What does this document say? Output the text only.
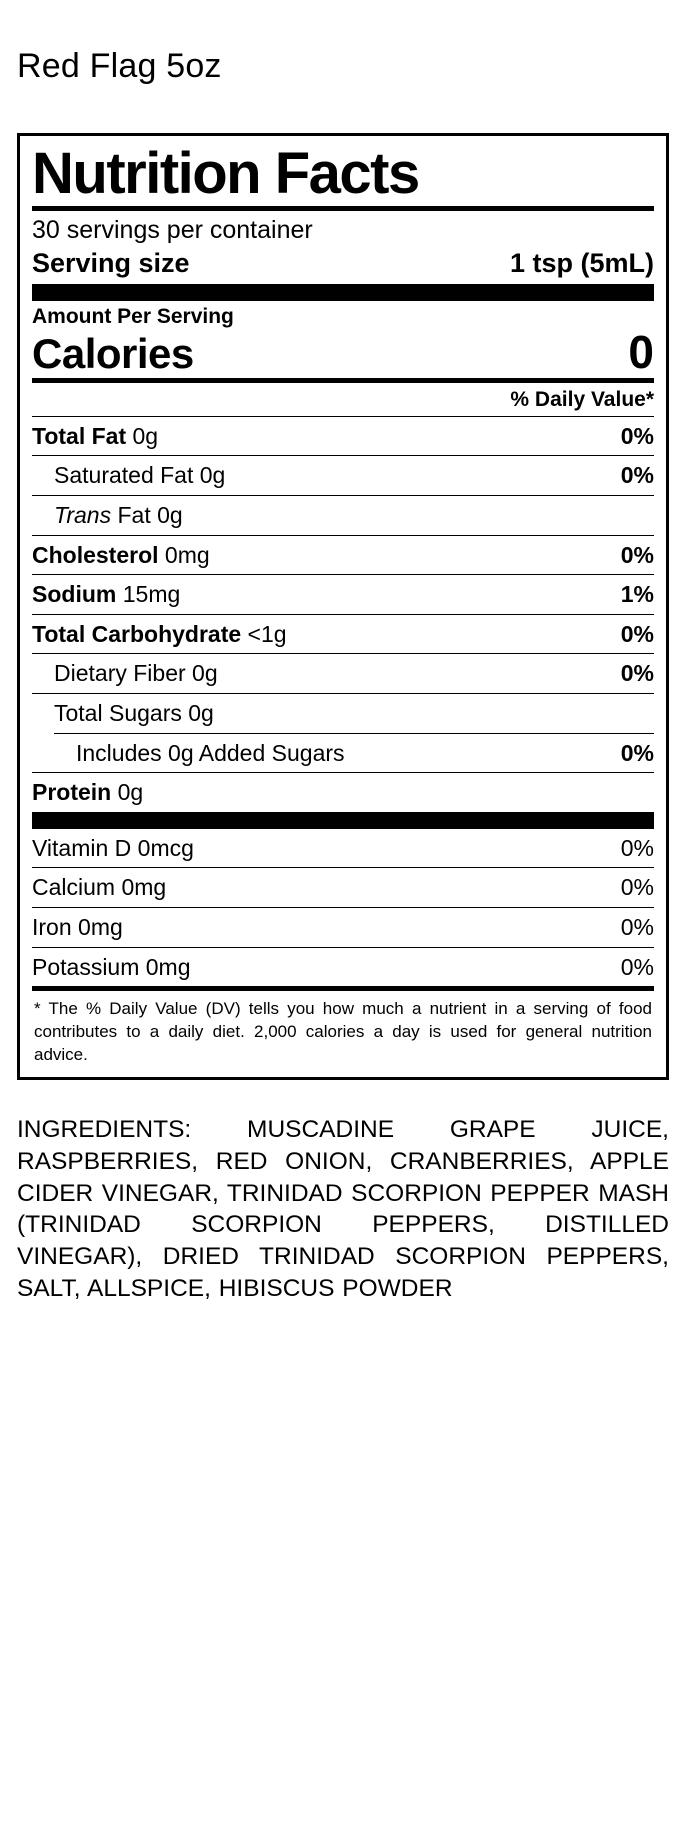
Red Flag 5oz
Nutrition Facts
30 servings per container
Serving size	1 tsp (5mL)
Amount Per Serving
Calories	0
% Daily Value*
Total Fat 0g	0%
Saturated Fat 0g	0%
Trans Fat 0g
Cholesterol 0mg	0%
Sodium 15mg	1%
Total Carbohydrate <1g	0%
Dietary Fiber 0g	0%
Total Sugars 0g
Includes 0g Added Sugars	0%
Protein 0g
Vitamin D 0mcg	0%
Calcium 0mg	0%
Iron 0mg	0%
Potassium 0mg	0%
* The % Daily Value (DV) tells you how much a nutrient in a serving of food contributes to a daily diet. 2,000 calories a day is used for general nutrition advice.
INGREDIENTS: MUSCADINE GRAPE JUICE, RASPBERRIES, RED ONION, CRANBERRIES, APPLE CIDER VINEGAR, TRINIDAD SCORPION PEPPER MASH (TRINIDAD SCORPION PEPPERS, DISTILLED VINEGAR), DRIED TRINIDAD SCORPION PEPPERS, SALT, ALLSPICE, HIBISCUS POWDER
